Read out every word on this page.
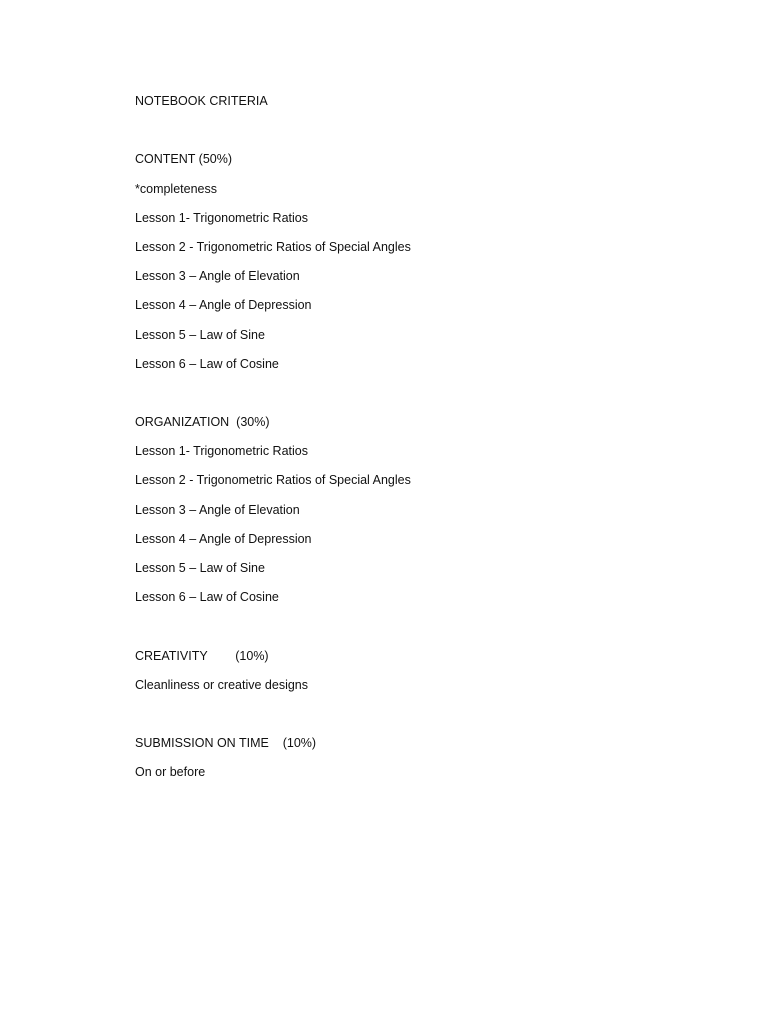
NOTEBOOK CRITERIA
CONTENT (50%)
*completeness
Lesson 1- Trigonometric Ratios
Lesson 2 - Trigonometric Ratios of Special Angles
Lesson 3 – Angle of Elevation
Lesson 4 – Angle of Depression
Lesson 5 – Law of Sine
Lesson 6 – Law of Cosine
ORGANIZATION  (30%)
Lesson 1- Trigonometric Ratios
Lesson 2 - Trigonometric Ratios of Special Angles
Lesson 3 – Angle of Elevation
Lesson 4 – Angle of Depression
Lesson 5 – Law of Sine
Lesson 6 – Law of Cosine
CREATIVITY        (10%)
Cleanliness or creative designs
SUBMISSION ON TIME    (10%)
On or before
